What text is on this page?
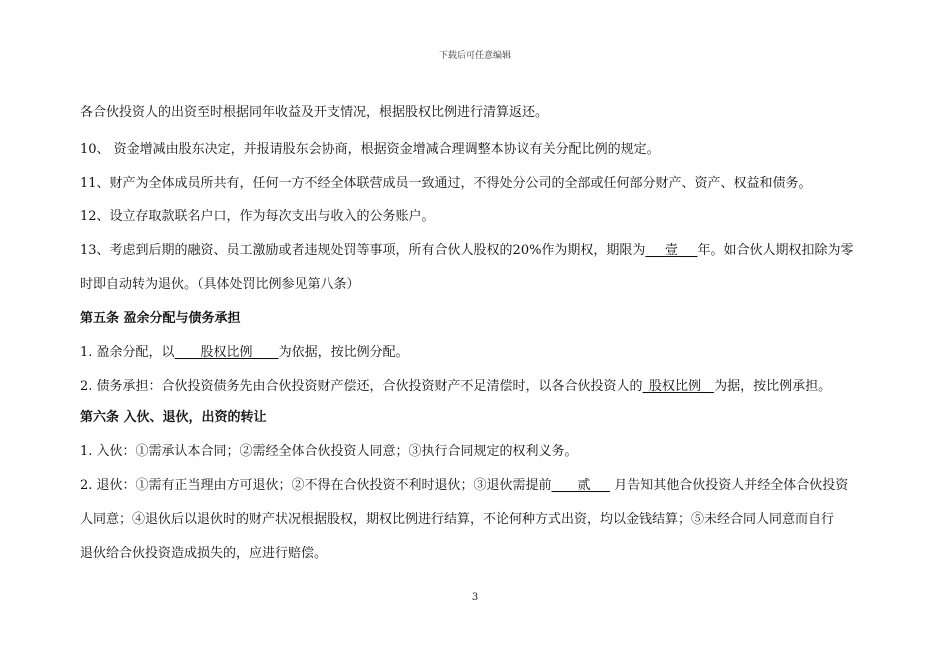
下载后可任意编辑
各合伙投资人的出资至时根据同年收益及开支情况，根据股权比例进行清算返还。
10、 资金增减由股东决定，并报请股东会协商，根据资金增减合理调整本协议有关分配比例的规定。
11、财产为全体成员所共有，任何一方不经全体联营成员一致通过，不得处分公司的全部或任何部分财产、资产、权益和债务。
12、设立存取款联名户口，作为每次支出与收入的公务账户。
13、考虑到后期的融资、员工激励或者违规处罚等事项，所有合伙人股权的20%作为期权，期限为___壹___年。如合伙人期权扣除为零
时即自动转为退伙。（具体处罚比例参见第八条）
第五条 盈余分配与债务承担
1. 盈余分配，以____股权比例____为依据，按比例分配。
2. 债务承担：合伙投资债务先由合伙投资财产偿还，合伙投资财产不足清偿时，以各合伙投资人的_股权比例__为据，按比例承担。
第六条 入伙、退伙，出资的转让
1. 入伙：①需承认本合同；②需经全体合伙投资人同意；③执行合同规定的权利义务。
2. 退伙：①需有正当理由方可退伙；②不得在合伙投资不利时退伙；③退伙需提前____贰___ 月告知其他合伙投资人并经全体合伙投资
人同意；④退伙后以退伙时的财产状况根据股权，期权比例进行结算，不论何种方式出资，均以金钱结算；⑤未经合同人同意而自行
退伙给合伙投资造成损失的，应进行赔偿。
3
